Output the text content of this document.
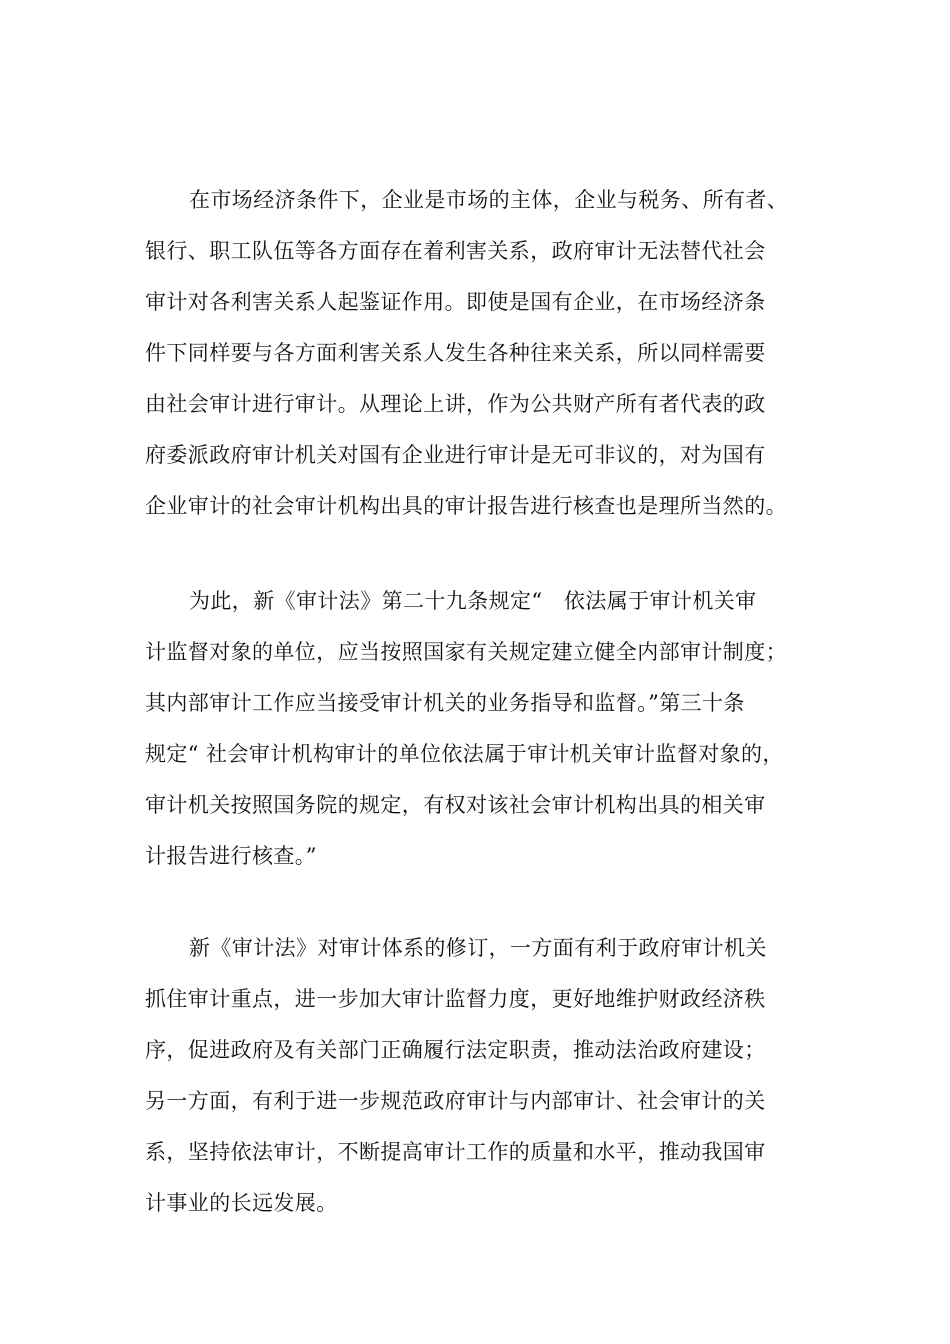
在市场经济条件下，企业是市场的主体，企业与税务、所有者、
银行、职工队伍等各方面存在着利害关系，政府审计无法替代社会
审计对各利害关系人起鉴证作用。即使是国有企业，在市场经济条
件下同样要与各方面利害关系人发生各种往来关系，所以同样需要
由社会审计进行审计。从理论上讲，作为公共财产所有者代表的政
府委派政府审计机关对国有企业进行审计是无可非议的，对为国有
企业审计的社会审计机构出具的审计报告进行核查也是理所当然的。
为此，新《审计法》第二十九条规定“　依法属于审计机关审
计监督对象的单位，应当按照国家有关规定建立健全内部审计制度；
其内部审计工作应当接受审计机关的业务指导和监督。”第三十条
规定“ 社会审计机构审计的单位依法属于审计机关审计监督对象的，
审计机关按照国务院的规定，有权对该社会审计机构出具的相关审
计报告进行核查。”
新《审计法》对审计体系的修订，一方面有利于政府审计机关
抓住审计重点，进一步加大审计监督力度，更好地维护财政经济秩
序，促进政府及有关部门正确履行法定职责，推动法治政府建设；
另一方面，有利于进一步规范政府审计与内部审计、社会审计的关
系，坚持依法审计，不断提高审计工作的质量和水平，推动我国审
计事业的长远发展。
